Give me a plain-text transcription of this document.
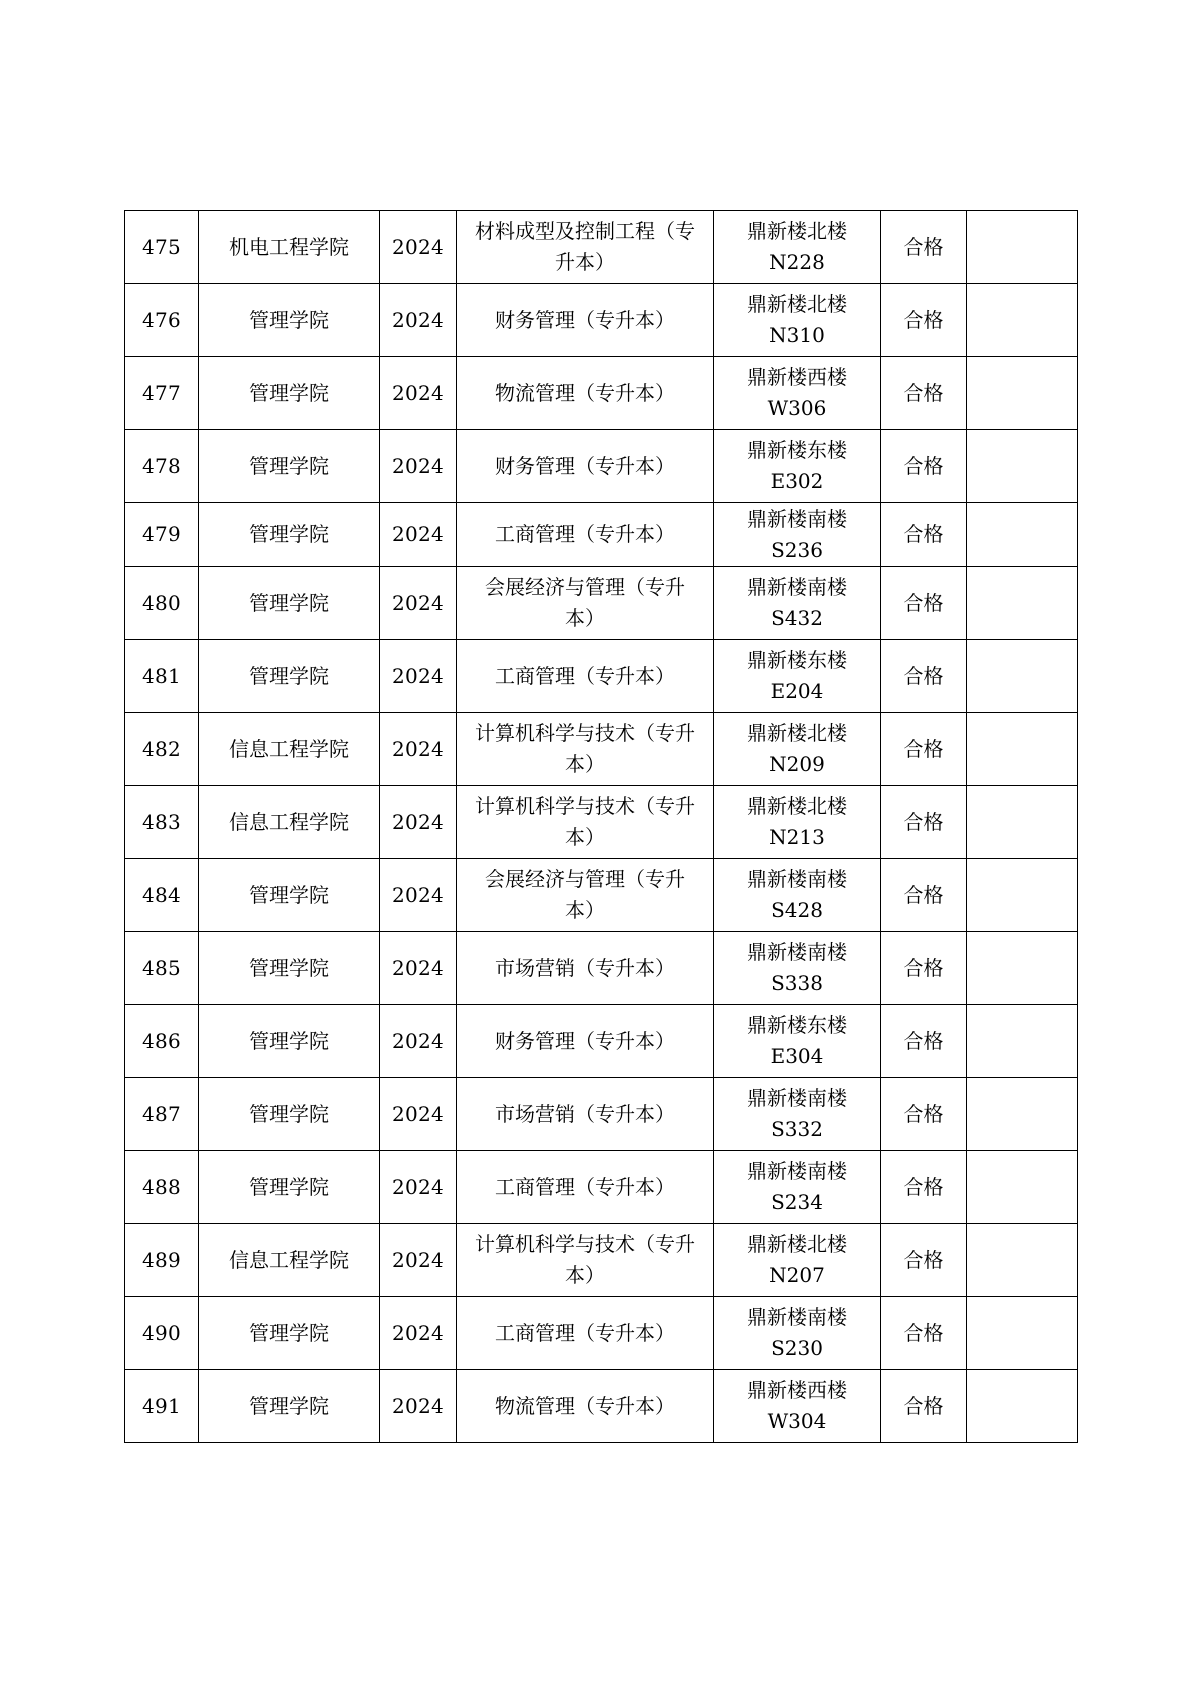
475	机电工程学院	2024	材料成型及控制工程（专
升本）	鼎新楼北楼
N228	合格	
476	管理学院	2024	财务管理（专升本）	鼎新楼北楼
N310	合格	
477	管理学院	2024	物流管理（专升本）	鼎新楼西楼
W306	合格	
478	管理学院	2024	财务管理（专升本）	鼎新楼东楼
E302	合格	
479	管理学院	2024	工商管理（专升本）	鼎新楼南楼
S236	合格	
480	管理学院	2024	会展经济与管理（专升
本）	鼎新楼南楼
S432	合格	
481	管理学院	2024	工商管理（专升本）	鼎新楼东楼
E204	合格	
482	信息工程学院	2024	计算机科学与技术（专升
本）	鼎新楼北楼
N209	合格	
483	信息工程学院	2024	计算机科学与技术（专升
本）	鼎新楼北楼
N213	合格	
484	管理学院	2024	会展经济与管理（专升
本）	鼎新楼南楼
S428	合格	
485	管理学院	2024	市场营销（专升本）	鼎新楼南楼
S338	合格	
486	管理学院	2024	财务管理（专升本）	鼎新楼东楼
E304	合格	
487	管理学院	2024	市场营销（专升本）	鼎新楼南楼
S332	合格	
488	管理学院	2024	工商管理（专升本）	鼎新楼南楼
S234	合格	
489	信息工程学院	2024	计算机科学与技术（专升
本）	鼎新楼北楼
N207	合格	
490	管理学院	2024	工商管理（专升本）	鼎新楼南楼
S230	合格	
491	管理学院	2024	物流管理（专升本）	鼎新楼西楼
W304	合格	
